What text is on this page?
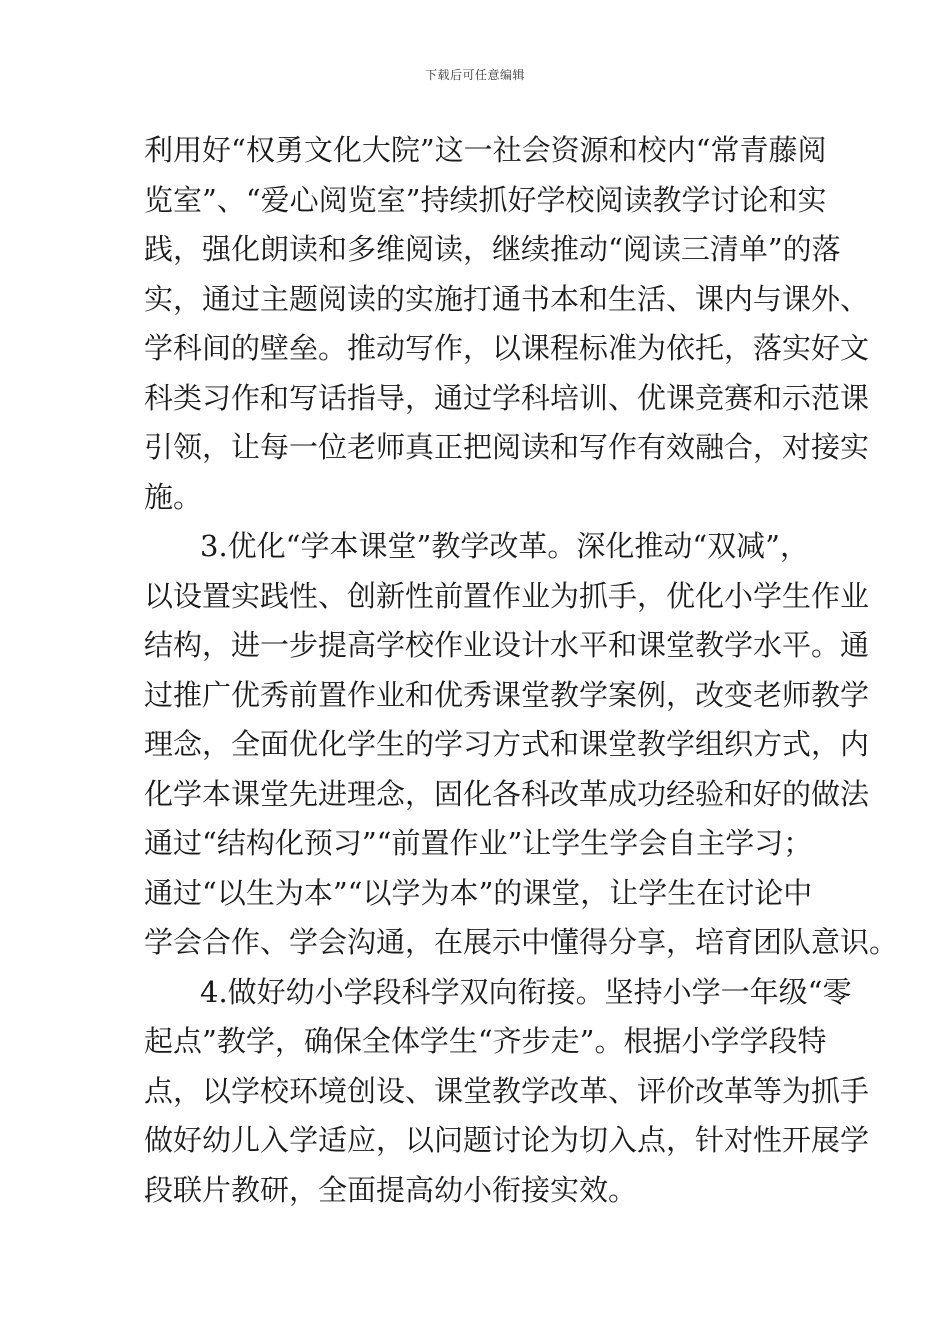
下载后可任意编辑
利用好“权勇文化大院”这一社会资源和校内“常青藤阅
览室”、“爱心阅览室”持续抓好学校阅读教学讨论和实
践，强化朗读和多维阅读，继续推动“阅读三清单”的落
实，通过主题阅读的实施打通书本和生活、课内与课外、
学科间的壁垒。推动写作，以课程标准为依托，落实好文
科类习作和写话指导，通过学科培训、优课竞赛和示范课
引领，让每一位老师真正把阅读和写作有效融合，对接实
施。
3.优化“学本课堂”教学改革。深化推动“双减”，
以设置实践性、创新性前置作业为抓手，优化小学生作业
结构，进一步提高学校作业设计水平和课堂教学水平。通
过推广优秀前置作业和优秀课堂教学案例，改变老师教学
理念，全面优化学生的学习方式和课堂教学组织方式，内
化学本课堂先进理念，固化各科改革成功经验和好的做法
通过“结构化预习”“前置作业”让学生学会自主学习；
通过“以生为本”“以学为本”的课堂，让学生在讨论中
学会合作、学会沟通，在展示中懂得分享，培育团队意识。
4.做好幼小学段科学双向衔接。坚持小学一年级“零
起点”教学，确保全体学生“齐步走”。根据小学学段特
点，以学校环境创设、课堂教学改革、评价改革等为抓手
做好幼儿入学适应，以问题讨论为切入点，针对性开展学
段联片教研，全面提高幼小衔接实效。
